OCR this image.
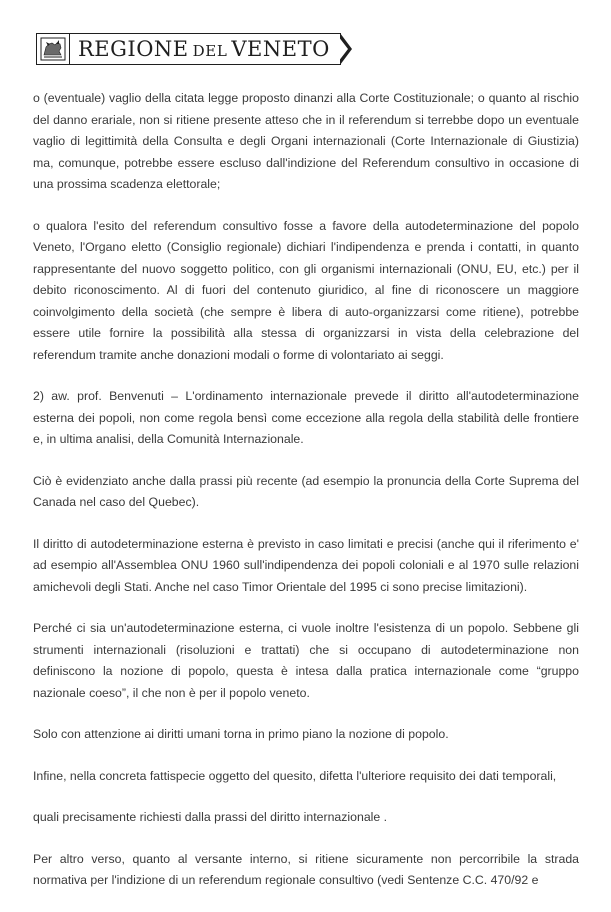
REGIONE DEL VENETO

o (eventuale) vaglio della citata legge proposto dinanzi alla Corte Costituzionale; o quanto al rischio del danno erariale, non si ritiene presente atteso che in il referendum si terrebbe dopo un eventuale vaglio di legittimità della Consulta e degli Organi internazionali (Corte Internazionale di Giustizia) ma, comunque, potrebbe essere escluso dall'indizione del Referendum consultivo in occasione di una prossima scadenza elettorale;

o qualora l'esito del referendum consultivo fosse a favore della autodeterminazione del popolo Veneto, l'Organo eletto (Consiglio regionale) dichiari l'indipendenza e prenda i contatti, in quanto rappresentante del nuovo soggetto politico, con gli organismi internazionali (ONU, EU, etc.) per il debito riconoscimento. Al di fuori del contenuto giuridico, al fine di riconoscere un maggiore coinvolgimento della società (che sempre è libera di auto-organizzarsi come ritiene), potrebbe essere utile fornire la possibilità alla stessa di organizzarsi in vista della celebrazione del referendum tramite anche donazioni modali o forme di volontariato ai seggi.

2) aw. prof. Benvenuti – L'ordinamento internazionale prevede il diritto all'autodeterminazione esterna dei popoli, non come regola bensì come eccezione alla regola della stabilità delle frontiere e, in ultima analisi, della Comunità Internazionale.

Ciò è evidenziato anche dalla prassi più recente (ad esempio la pronuncia della Corte Suprema del Canada nel caso del Quebec).

Il diritto di autodeterminazione esterna è previsto in caso limitati e precisi (anche qui il riferimento e' ad esempio all'Assemblea ONU 1960 sull'indipendenza dei popoli coloniali e al 1970 sulle relazioni amichevoli degli Stati. Anche nel caso Timor Orientale del 1995 ci sono precise limitazioni).

Perché ci sia un'autodeterminazione esterna, ci vuole inoltre l'esistenza di un popolo. Sebbene gli strumenti internazionali (risoluzioni e trattati) che si occupano di autodeterminazione non definiscono la nozione di popolo, questa è intesa dalla pratica internazionale come “gruppo nazionale coeso”, il che non è per il popolo veneto.

Solo con attenzione ai diritti umani torna in primo piano la nozione di popolo.

Infine, nella concreta fattispecie oggetto del quesito, difetta l'ulteriore requisito dei dati temporali,

quali precisamente richiesti dalla prassi del diritto internazionale .

Per altro verso, quanto al versante interno, si ritiene sicuramente non percorribile la strada normativa per l'indizione di un referendum regionale consultivo (vedi Sentenze C.C. 470/92 e
